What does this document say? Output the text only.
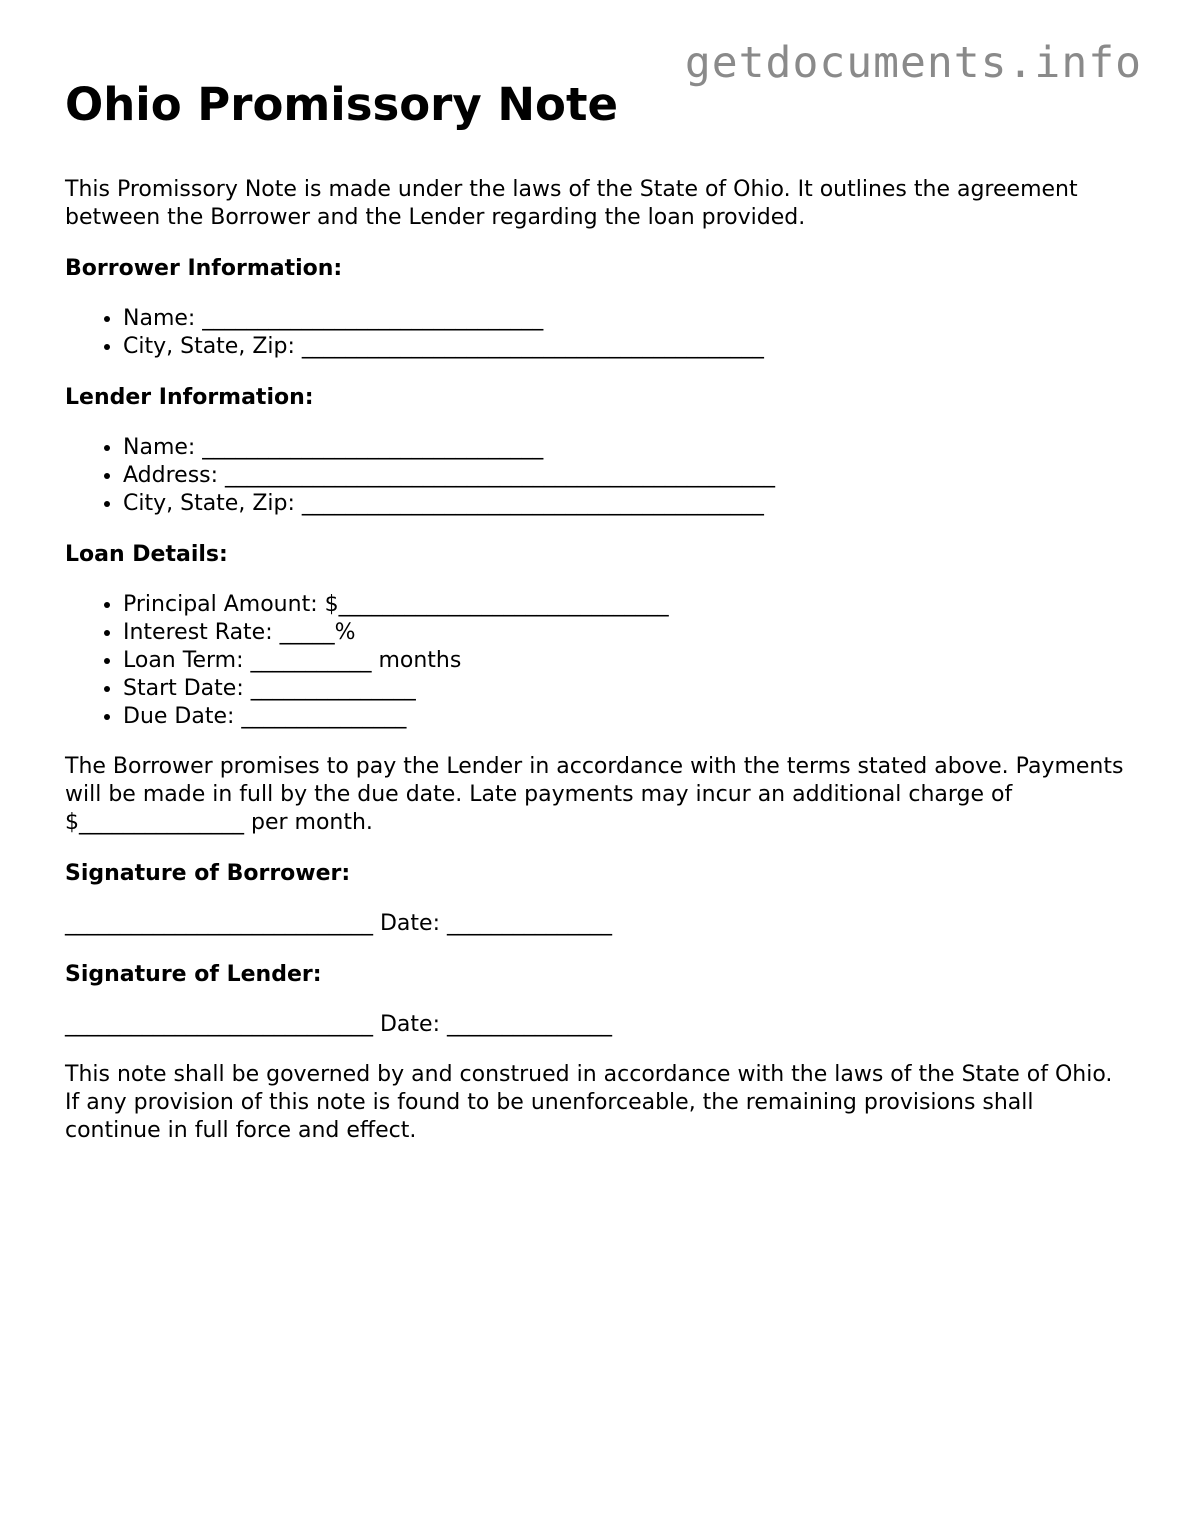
getdocuments.info
Ohio Promissory Note

This Promissory Note is made under the laws of the State of Ohio. It outlines the agreement between the Borrower and the Lender regarding the loan provided.

Borrower Information:

• Name: _______________________________
• City, State, Zip: __________________________________________

Lender Information:

• Name: _______________________________
• Address: __________________________________________________
• City, State, Zip: __________________________________________

Loan Details:

• Principal Amount: $______________________________
• Interest Rate: _____%
• Loan Term: ___________ months
• Start Date: _______________
• Due Date: _______________

The Borrower promises to pay the Lender in accordance with the terms stated above. Payments will be made in full by the due date. Late payments may incur an additional charge of $_______________ per month.

Signature of Borrower:

____________________________ Date: _______________

Signature of Lender:

____________________________ Date: _______________

This note shall be governed by and construed in accordance with the laws of the State of Ohio. If any provision of this note is found to be unenforceable, the remaining provisions shall continue in full force and effect.
